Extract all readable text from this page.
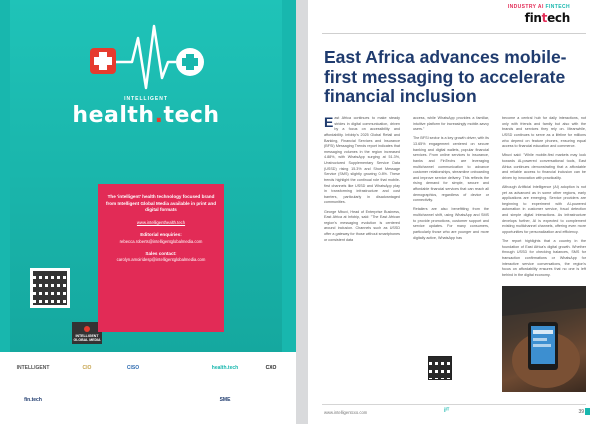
INTELLIGENT
health.tech
INTELLIGENT
GLOBAL MEDIA
The 'intelligent' health technology focused brand from Intelligent Global Media available in print and digital formats
www.intelligenthealth.tech
Editorial enquiries:
rebecca.roberts@intelligentglobalmedia.com
Sales contact:
carolyn.amoiridesp@intelligentglobalmedia.com
INTELLIGENT	CIO	CISO	health.tech	CXO
fin.tech	SME
INDUSTRY AI FINTECH
fintech
East Africa advances mobile-first messaging to accelerate financial inclusion

East Africa continues to make steady strides in digital communication, driven by a focus on accessibility and affordability. Infobip's 2025 Global Retail and Banking, Financial Services and Insurance (BFSI) Messaging Trends report indicates that messaging volumes in the region increased 4.88%, with WhatsApp surging at 51.3%, Unstructured Supplementary Service Data (USSD) rising 15.3% and Short Message Service (SMS) slightly growing 0.8%. These trends highlight the continual role that mobile-first channels like USSD and WhatsApp play in transforming infrastructure and cost barriers, particularly in disadvantaged communities.

George Mbuvi, Head of Enterprise Business, East Africa at Infobip, said: "The East African region's messaging evolution is centered around inclusion. Channels such as USSD offer a gateway for those without smartphones or consistent data

access, while WhatsApp provides a familiar, intuitive platform for increasingly mobile-savvy users."

The BFSI sector is a key growth driver, with its 13.65% engagement centered on secure banking and digital wallets, popular financial services. From online services to insurance, banks and FinTechs are leveraging multichannel communication to advance customer relationships, streamline onboarding and improve service delivery. This reflects the rising demand for simple, secure and affordable financial services that can reach all demographics, regardless of device or connectivity.

Retailers are also benefitting from the multichannel shift, using WhatsApp and SMS to provide promotions, customer support and service updates. For many consumers, particularly those who are younger and more digitally active, WhatsApp has

become a central hub for daily interactions, not only with friends and family but also with the brands and services they rely on. Meanwhile, USSD continues to serve as a lifeline for millions who depend on feature phones, ensuring equal access to financial education and commerce.

Mbuvi said: "While mobile-first markets may look towards AI-powered conversational tools, East Africa continues demonstrating that a affordable and reliable access to financial inclusion can be driven by innovation with practicality.

Although Artificial Intelligence (AI) adoption is not yet as advanced as in some other regions, early applications are emerging. Service providers are beginning to experiment with AI-powered automation in customer service, fraud detection and simple digital interactions. As infrastructure develops further, AI is expected to complement existing multichannel channels, offering even more opportunities for personalization and efficiency.

The report highlights that a country in the foundation of East Africa's digital growth. Whether through USSD for checking balances, SMS for transaction confirmations or WhatsApp for interactive service conversations, the region's focus on affordability ensures that no one is left behind in the digital economy.

www.intelligentcxo.com	iᴵᵀ	39
